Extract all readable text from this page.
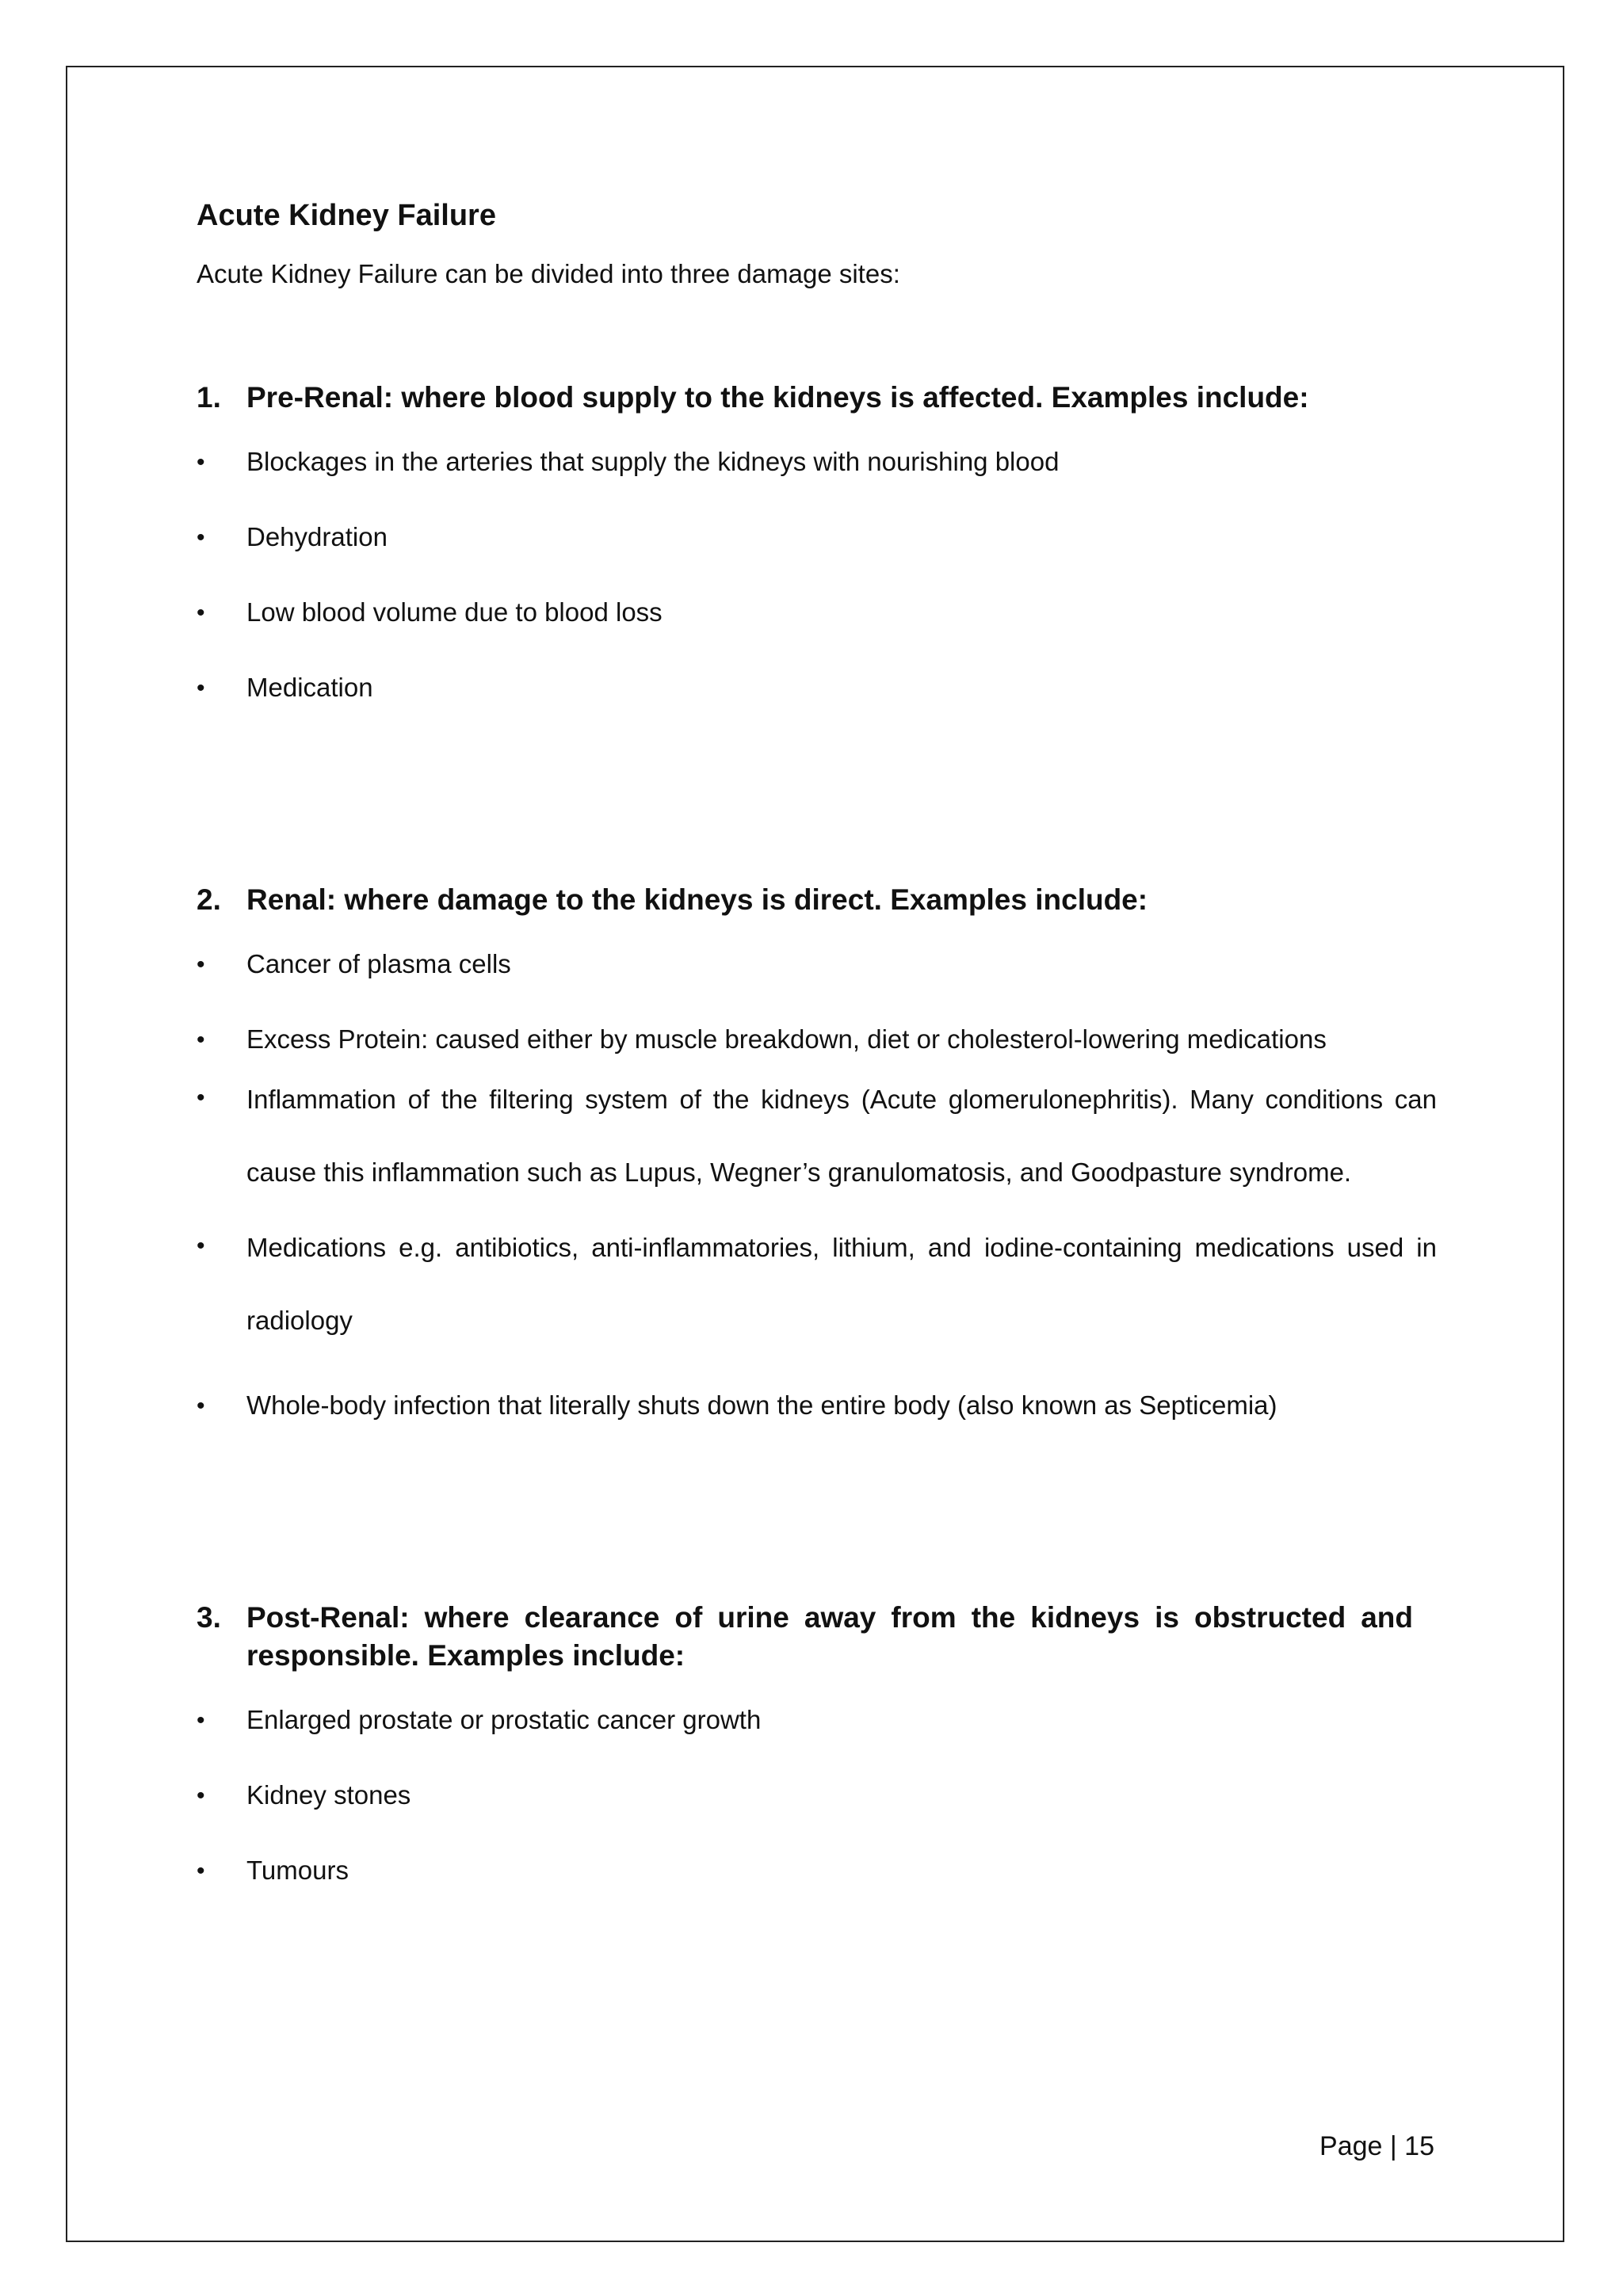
Acute Kidney Failure

Acute Kidney Failure can be divided into three damage sites:

1. Pre-Renal: where blood supply to the kidneys is affected. Examples include:
•	Blockages in the arteries that supply the kidneys with nourishing blood
•	Dehydration
•	Low blood volume due to blood loss
•	Medication
2. Renal: where damage to the kidneys is direct. Examples include:
•	Cancer of plasma cells
•	Excess Protein: caused either by muscle breakdown, diet or cholesterol-lowering medications
•	Inflammation of the filtering system of the kidneys (Acute glomerulonephritis). Many conditions can cause this inflammation such as Lupus, Wegner’s granulomatosis, and Goodpasture syndrome.
•	Medications e.g. antibiotics, anti-inflammatories, lithium, and iodine-containing medications used in radiology
•	Whole-body infection that literally shuts down the entire body (also known as Septicemia)
3. Post-Renal: where clearance of urine away from the kidneys is obstructed and responsible. Examples include:
•	Enlarged prostate or prostatic cancer growth
•	Kidney stones
•	Tumours
Page | 15
